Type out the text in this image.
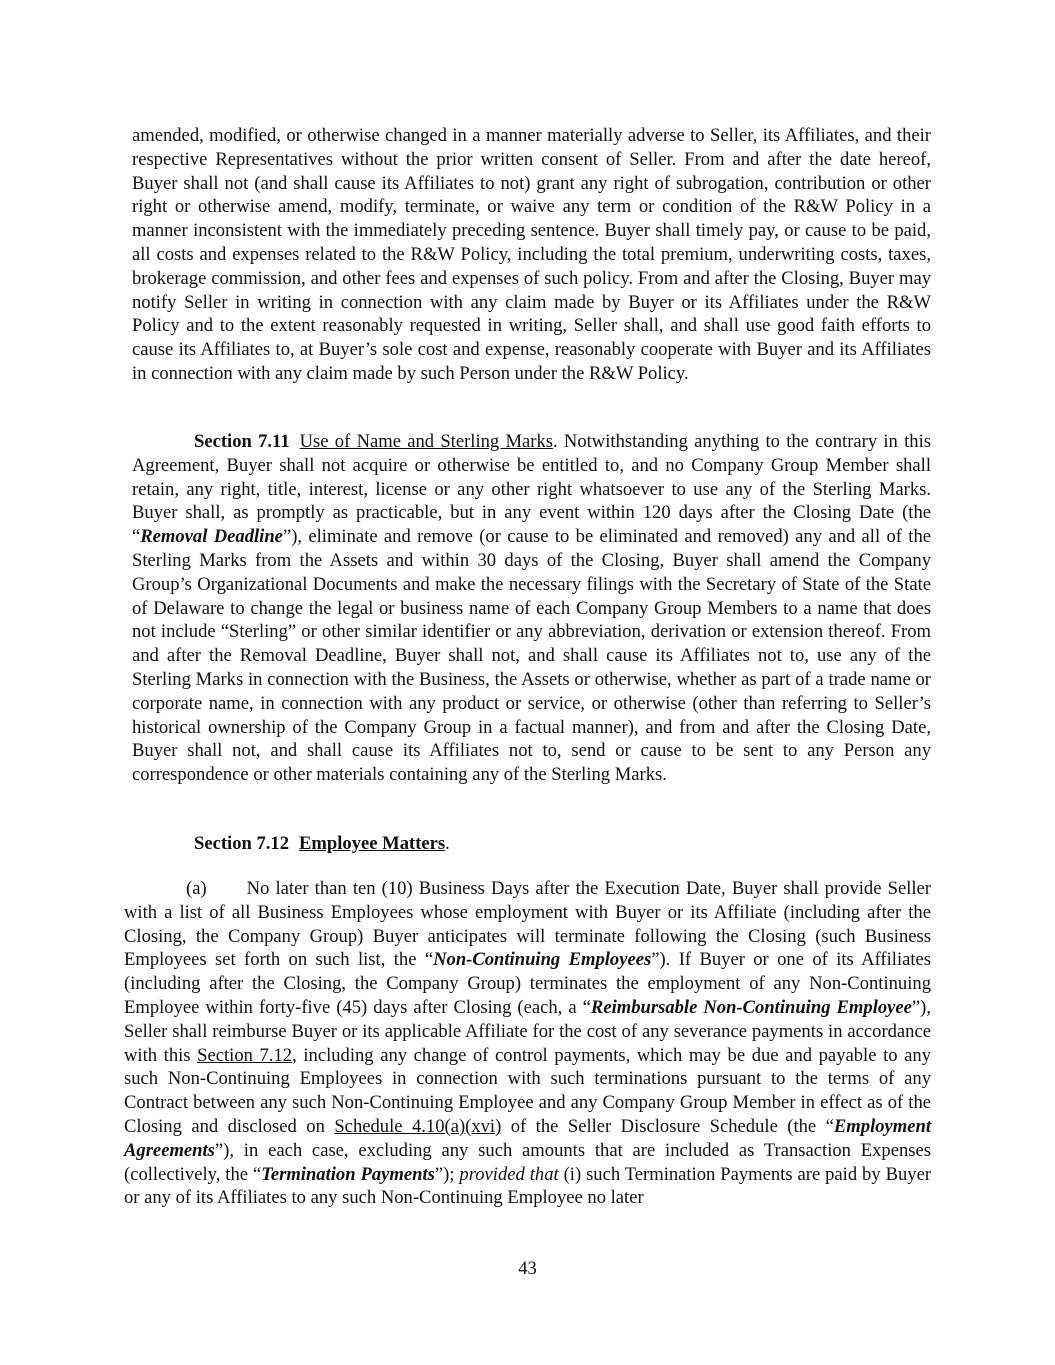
amended, modified, or otherwise changed in a manner materially adverse to Seller, its Affiliates, and their respective Representatives without the prior written consent of Seller. From and after the date hereof, Buyer shall not (and shall cause its Affiliates to not) grant any right of subrogation, contribution or other right or otherwise amend, modify, terminate, or waive any term or condition of the R&W Policy in a manner inconsistent with the immediately preceding sentence. Buyer shall timely pay, or cause to be paid, all costs and expenses related to the R&W Policy, including the total premium, underwriting costs, taxes, brokerage commission, and other fees and expenses of such policy. From and after the Closing, Buyer may notify Seller in writing in connection with any claim made by Buyer or its Affiliates under the R&W Policy and to the extent reasonably requested in writing, Seller shall, and shall use good faith efforts to cause its Affiliates to, at Buyer’s sole cost and expense, reasonably cooperate with Buyer and its Affiliates in connection with any claim made by such Person under the R&W Policy.

Section 7.11 Use of Name and Sterling Marks. Notwithstanding anything to the contrary in this Agreement, Buyer shall not acquire or otherwise be entitled to, and no Company Group Member shall retain, any right, title, interest, license or any other right whatsoever to use any of the Sterling Marks. Buyer shall, as promptly as practicable, but in any event within 120 days after the Closing Date (the “Removal Deadline”), eliminate and remove (or cause to be eliminated and removed) any and all of the Sterling Marks from the Assets and within 30 days of the Closing, Buyer shall amend the Company Group’s Organizational Documents and make the necessary filings with the Secretary of State of the State of Delaware to change the legal or business name of each Company Group Members to a name that does not include “Sterling” or other similar identifier or any abbreviation, derivation or extension thereof. From and after the Removal Deadline, Buyer shall not, and shall cause its Affiliates not to, use any of the Sterling Marks in connection with the Business, the Assets or otherwise, whether as part of a trade name or corporate name, in connection with any product or service, or otherwise (other than referring to Seller’s historical ownership of the Company Group in a factual manner), and from and after the Closing Date, Buyer shall not, and shall cause its Affiliates not to, send or cause to be sent to any Person any correspondence or other materials containing any of the Sterling Marks.

Section 7.12 Employee Matters.

(a) No later than ten (10) Business Days after the Execution Date, Buyer shall provide Seller with a list of all Business Employees whose employment with Buyer or its Affiliate (including after the Closing, the Company Group) Buyer anticipates will terminate following the Closing (such Business Employees set forth on such list, the “Non-Continuing Employees”). If Buyer or one of its Affiliates (including after the Closing, the Company Group) terminates the employment of any Non-Continuing Employee within forty-five (45) days after Closing (each, a “Reimbursable Non-Continuing Employee”), Seller shall reimburse Buyer or its applicable Affiliate for the cost of any severance payments in accordance with this Section 7.12, including any change of control payments, which may be due and payable to any such Non-Continuing Employees in connection with such terminations pursuant to the terms of any Contract between any such Non-Continuing Employee and any Company Group Member in effect as of the Closing and disclosed on Schedule 4.10(a)(xvi) of the Seller Disclosure Schedule (the “Employment Agreements”), in each case, excluding any such amounts that are included as Transaction Expenses (collectively, the “Termination Payments”); provided that (i) such Termination Payments are paid by Buyer or any of its Affiliates to any such Non-Continuing Employee no later

43
